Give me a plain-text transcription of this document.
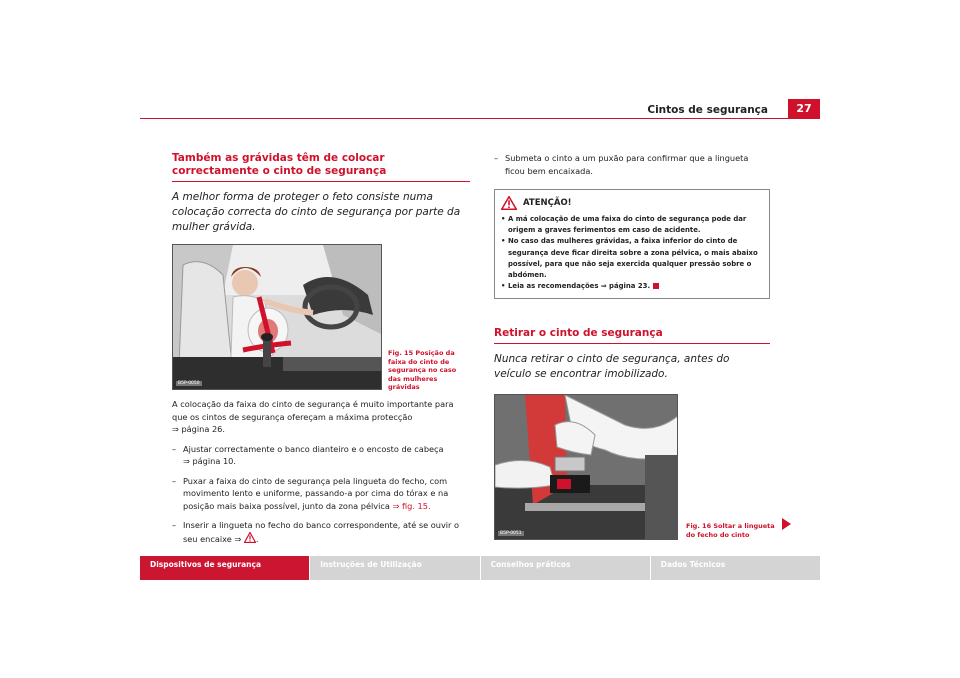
Cintos de segurança	27
Também as grávidas têm de colocar correctamente o cinto de segurança
A melhor forma de proteger o feto consiste numa colocação correcta do cinto de segurança por parte da mulher grávida.
B5P-0050
Fig. 15 Posição da faixa do cinto de segurança no caso das mulheres grávidas
A colocação da faixa do cinto de segurança é muito importante para que os cintos de segurança ofereçam a máxima protecção
⇒ página 26.
– Ajustar correctamente o banco dianteiro e o encosto de cabeça
⇒ página 10.
– Puxar a faixa do cinto de segurança pela lingueta do fecho, com movimento lento e uniforme, passando-a por cima do tórax e na posição mais baixa possível, junto da zona pélvica ⇒ fig. 15.
– Inserir a lingueta no fecho do banco correspondente, até se ouvir o seu encaixe ⇒ .
– Submeta o cinto a um puxão para confirmar que a lingueta ficou bem encaixada.
ATENÇÃO!
• A má colocação de uma faixa do cinto de segurança pode dar origem a graves ferimentos em caso de acidente.
• No caso das mulheres grávidas, a faixa inferior do cinto de segurança deve ficar direita sobre a zona pélvica, o mais abaixo possível, para que não seja exercida qualquer pressão sobre o abdómen.
• Leia as recomendações ⇒ página 23.
Retirar o cinto de segurança
Nunca retirar o cinto de segurança, antes do veículo se encontrar imobilizado.
B5P-0051
Fig. 16 Soltar a lingueta do fecho do cinto
Dispositivos de segurança	Instruções de Utilização	Conselhos práticos	Dados Técnicos
